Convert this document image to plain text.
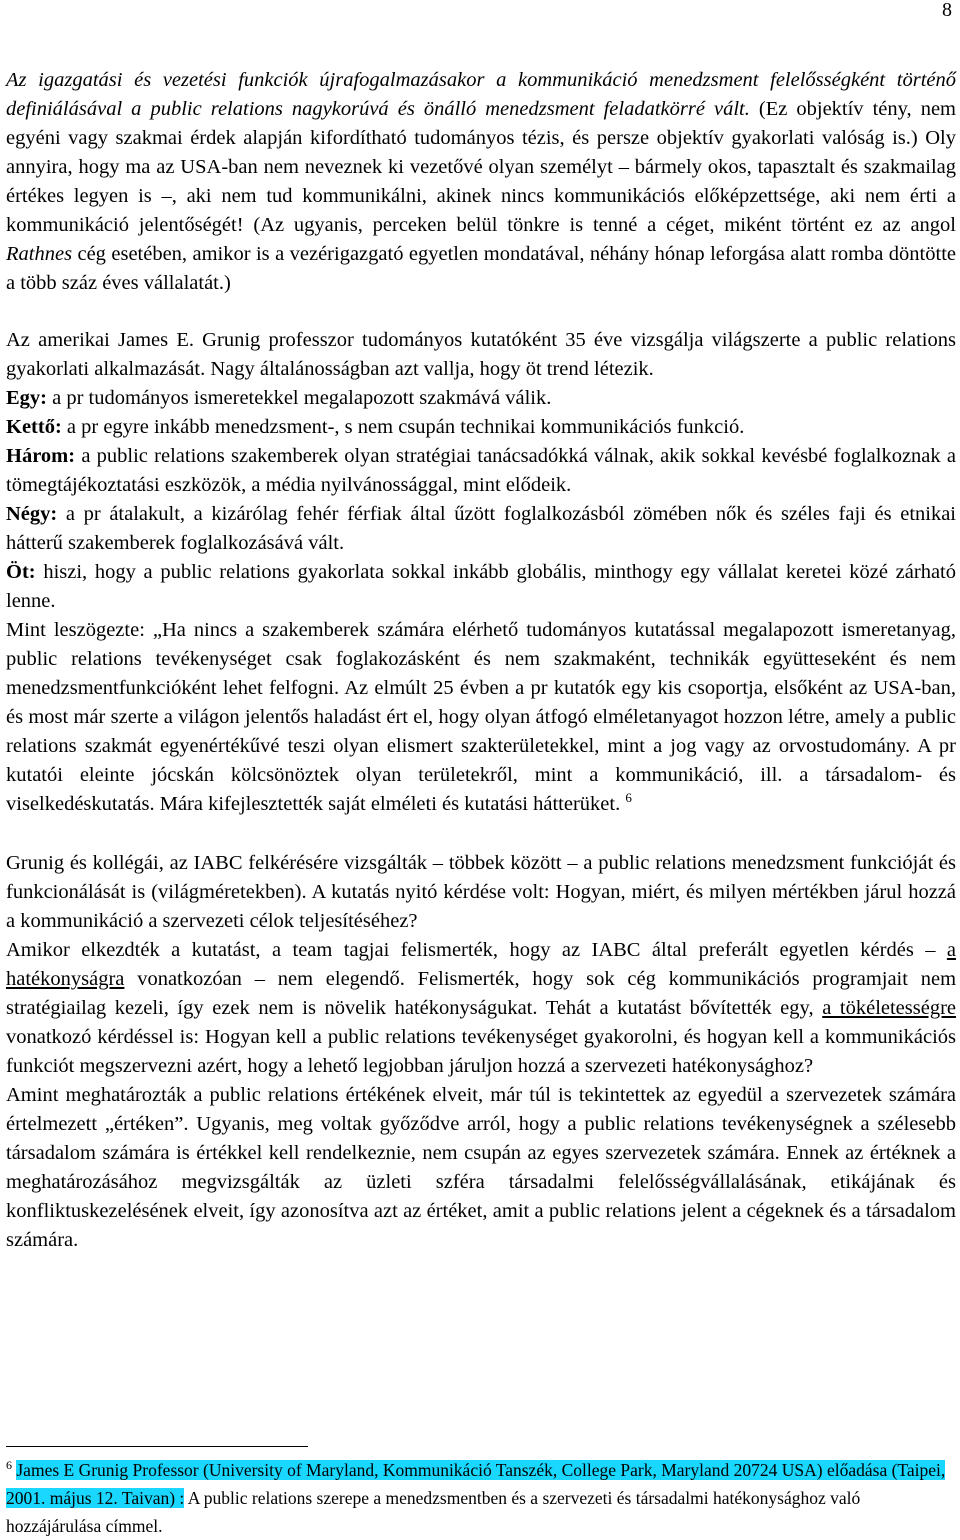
8

Az igazgatási és vezetési funkciók újrafogalmazásakor a kommunikáció menedzsment felelősségként történő definiálásával a public relations nagykorúvá és önálló menedzsment feladatkörré vált. (Ez objektív tény, nem egyéni vagy szakmai érdek alapján kifordítható tudományos tézis, és persze objektív gyakorlati valóság is.) Oly annyira, hogy ma az USA-ban nem neveznek ki vezetővé olyan személyt – bármely okos, tapasztalt és szakmailag értékes legyen is –, aki nem tud kommunikálni, akinek nincs kommunikációs előképzettsége, aki nem érti a kommunikáció jelentőségét! (Az ugyanis, perceken belül tönkre is tenné a céget, miként történt ez az angol Rathnes cég esetében, amikor is a vezérigazgató egyetlen mondatával, néhány hónap leforgása alatt romba döntötte a több száz éves vállalatát.)

Az amerikai James E. Grunig professzor tudományos kutatóként 35 éve vizsgálja világszerte a public relations gyakorlati alkalmazását. Nagy általánosságban azt vallja, hogy öt trend létezik.

Egy: a pr tudományos ismeretekkel megalapozott szakmává válik.

Kettő: a pr egyre inkább menedzsment-, s nem csupán technikai kommunikációs funkció.

Három: a public relations szakemberek olyan stratégiai tanácsadókká válnak, akik sokkal kevésbé foglalkoznak a tömegtájékoztatási eszközök, a média nyilvánossággal, mint elődeik.

Négy: a pr átalakult, a kizárólag fehér férfiak által űzött foglalkozásból zömében nők és széles faji és etnikai hátterű szakemberek foglalkozásává vált.

Öt: hiszi, hogy a public relations gyakorlata sokkal inkább globális, minthogy egy vállalat keretei közé zárható lenne.

Mint leszögezte: „Ha nincs a szakemberek számára elérhető tudományos kutatással megalapozott ismeretanyag, public relations tevékenységet csak foglakozásként és nem szakmaként, technikák együtteseként és nem menedzsmentfunkcióként lehet felfogni. Az elmúlt 25 évben a pr kutatók egy kis csoportja, elsőként az USA-ban, és most már szerte a világon jelentős haladást ért el, hogy olyan átfogó elméletanyagot hozzon létre, amely a public relations szakmát egyenértékűvé teszi olyan elismert szakterületekkel, mint a jog vagy az orvostudomány. A pr kutatói eleinte jócskán kölcsönöztek olyan területekről, mint a kommunikáció, ill. a társadalom- és viselkedéskutatás. Mára kifejlesztették saját elméleti és kutatási hátterüket. $^6$

Grunig és kollégái, az IABC felkérésére vizsgálták – többek között – a public relations menedzsment funkcióját és funkcionálását is (világméretekben). A kutatás nyitó kérdése volt: Hogyan, miért, és milyen mértékben járul hozzá a kommunikáció a szervezeti célok teljesítéséhez?

Amikor elkezdték a kutatást, a team tagjai felismerték, hogy az IABC által preferált egyetlen kérdés – a hatékonyságra vonatkozóan – nem elegendő. Felismerték, hogy sok cég kommunikációs programjait nem stratégiailag kezeli, így ezek nem is növelik hatékonyságukat. Tehát a kutatást bővítették egy, a tökéletességre vonatkozó kérdéssel is: Hogyan kell a public relations tevékenységet gyakorolni, és hogyan kell a kommunikációs funkciót megszervezni azért, hogy a lehető legjobban járuljon hozzá a szervezeti hatékonysághoz?

Amint meghatározták a public relations értékének elveit, már túl is tekintettek az egyedül a szervezetek számára értelmezett „értéken”. Ugyanis, meg voltak győződve arról, hogy a public relations tevékenységnek a szélesebb társadalom számára is értékkel kell rendelkeznie, nem csupán az egyes szervezetek számára. Ennek az értéknek a meghatározásához megvizsgálták az üzleti szféra társadalmi felelősségvállalásának, etikájának és konfliktuskezelésének elveit, így azonosítva azt az értéket, amit a public relations jelent a cégeknek és a társadalom számára.

$^6$ James E Grunig Professor (University of Maryland, Kommunikáció Tanszék, College Park, Maryland 20724 USA) előadása (Taipei, 2001. május 12. Taivan) : A public relations szerepe a menedzsmentben és a szervezeti és társadalmi hatékonysághoz való hozzájárulása címmel.
